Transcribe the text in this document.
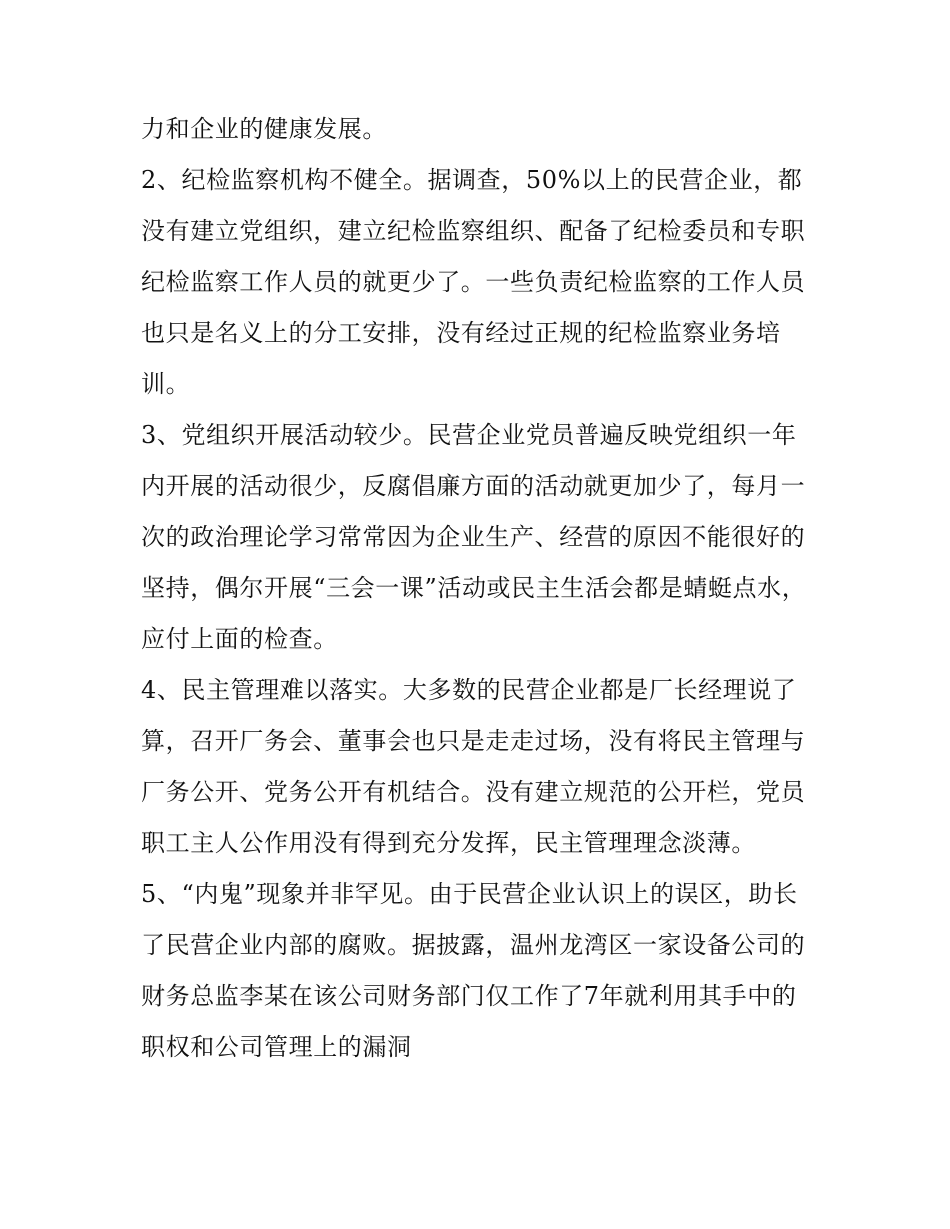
力和企业的健康发展。
2、纪检监察机构不健全。据调查，50%以上的民营企业，都
没有建立党组织，建立纪检监察组织、配备了纪检委员和专职
纪检监察工作人员的就更少了。一些负责纪检监察的工作人员
也只是名义上的分工安排，没有经过正规的纪检监察业务培
训。
3、党组织开展活动较少。民营企业党员普遍反映党组织一年
内开展的活动很少，反腐倡廉方面的活动就更加少了，每月一
次的政治理论学习常常因为企业生产、经营的原因不能很好的
坚持，偶尔开展“三会一课”活动或民主生活会都是蜻蜓点水，
应付上面的检查。
4、民主管理难以落实。大多数的民营企业都是厂长经理说了
算，召开厂务会、董事会也只是走走过场，没有将民主管理与
厂务公开、党务公开有机结合。没有建立规范的公开栏，党员
职工主人公作用没有得到充分发挥，民主管理理念淡薄。
5、“内鬼”现象并非罕见。由于民营企业认识上的误区，助长
了民营企业内部的腐败。据披露，温州龙湾区一家设备公司的
财务总监李某在该公司财务部门仅工作了7年就利用其手中的
职权和公司管理上的漏洞
